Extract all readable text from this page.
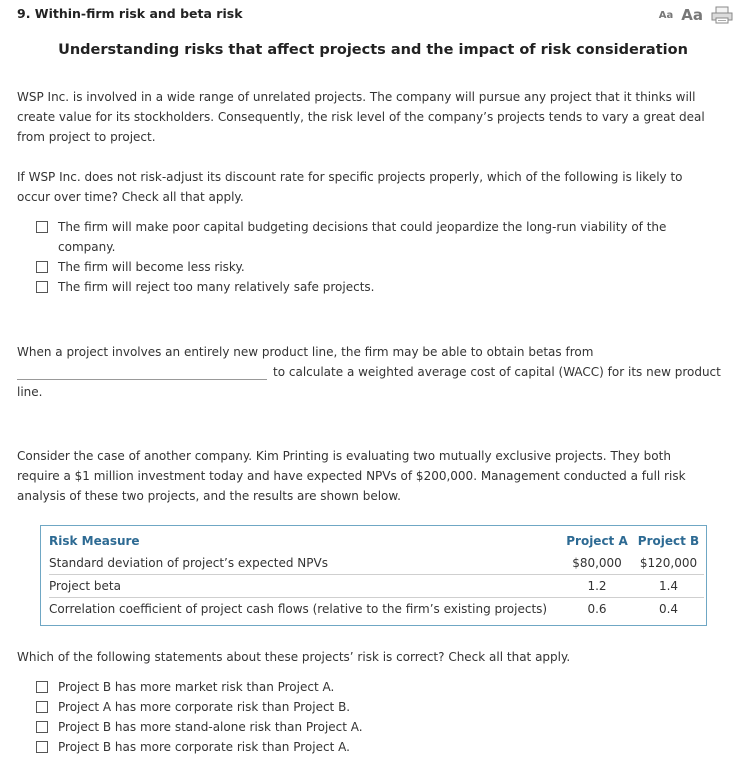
9. Within-firm risk and beta risk	Aa Aa
Understanding risks that affect projects and the impact of risk consideration
WSP Inc. is involved in a wide range of unrelated projects. The company will pursue any project that it thinks will create value for its stockholders. Consequently, the risk level of the company’s projects tends to vary a great deal from project to project.
If WSP Inc. does not risk-adjust its discount rate for specific projects properly, which of the following is likely to occur over time? Check all that apply.
The firm will make poor capital budgeting decisions that could jeopardize the long-run viability of the company.
The firm will become less risky.
The firm will reject too many relatively safe projects.
When a project involves an entirely new product line, the firm may be able to obtain betas from
to calculate a weighted average cost of capital (WACC) for its new product
line.
Consider the case of another company. Kim Printing is evaluating two mutually exclusive projects. They both require a $1 million investment today and have expected NPVs of $200,000. Management conducted a full risk analysis of these two projects, and the results are shown below.
Risk Measure	Project A	Project B
Standard deviation of project’s expected NPVs	$80,000	$120,000
Project beta	1.2	1.4
Correlation coefficient of project cash flows (relative to the firm’s existing projects)	0.6	0.4
Which of the following statements about these projects’ risk is correct? Check all that apply.
Project B has more market risk than Project A.
Project A has more corporate risk than Project B.
Project B has more stand-alone risk than Project A.
Project B has more corporate risk than Project A.
